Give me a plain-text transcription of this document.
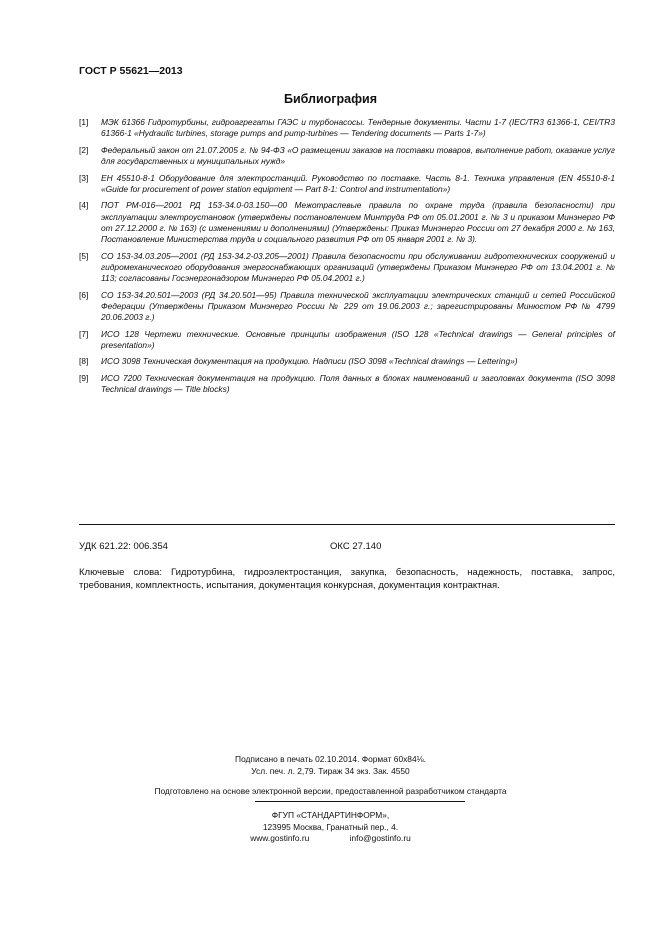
ГОСТ Р 55621—2013
Библиография
[1]	МЭК 61366 Гидротурбины, гидроагрегаты ГАЭС и турбонасосы. Тендерные документы. Части 1-7 (IEC/TR3 61366-1, CEI/TR3 61366-1 «Hydraulic turbines, storage pumps and pump-turbines — Tendering documents — Parts 1-7»)
[2]	Федеральный закон от 21.07.2005 г. № 94-ФЗ «О размещении заказов на поставки товаров, выполнение работ, оказание услуг для государственных и муниципальных нужд»
[3]	ЕН 45510-8-1 Оборудование для электростанций. Руководство по поставке. Часть 8-1. Техника управления (EN 45510-8-1 «Guide for procurement of power station equipment — Part 8-1: Control and instrumentation»)
[4]	ПОТ РМ-016—2001 РД 153-34.0-03.150—00 Межотраслевые правила по охране труда (правила безопасности) при эксплуатации электроустановок (утверждены постановлением Минтруда РФ от 05.01.2001 г. № 3 и приказом Минэнерго РФ от 27.12.2000 г. № 163) (с изменениями и дополнениями) (Утверждены: Приказ Минэнерго России от 27 декабря 2000 г. № 163, Постановление Министерства труда и социального развития РФ от 05 января 2001 г. № 3).
[5]	СО 153-34.03.205—2001 (РД 153-34.2-03.205—2001) Правила безопасности при обслуживании гидротехнических сооружений и гидромеханического оборудования энергоснабжающих организаций (утверждены Приказом Минэнерго РФ от 13.04.2001 г. № 113; согласованы Госэнергонадзором Минэнерго РФ 05.04.2001 г.)
[6]	СО 153-34.20.501—2003 (РД 34.20.501—95) Правила технической эксплуатации электрических станций и сетей Российской Федерации (Утверждены Приказом Минэнерго России № 229 от 19.06.2003 г.; зарегистрированы Минюстом РФ № 4799 20.06.2003 г.)
[7]	ИСО 128 Чертежи технические. Основные принципы изображения (ISO 128 «Technical drawings — General principles of presentation»)
[8]	ИСО 3098 Техническая документация на продукцию. Надписи (ISO 3098 «Technical drawings — Lettering»)
[9]	ИСО 7200 Техническая документация на продукцию. Поля данных в блоках наименований и заголовках документа (ISO 3098 Technical drawings — Title blocks)
УДК 621.22: 006.354	ОКС 27.140
Ключевые слова: Гидротурбина, гидроэлектростанция, закупка, безопасность, надежность, поставка, запрос, требования, комплектность, испытания, документация конкурсная, документация контрактная.
Подписано в печать 02.10.2014. Формат 60x84⅛.
Усл. печ. л. 2,79. Тираж 34 экз. Зак. 4550
Подготовлено на основе электронной версии, предоставленной разработчиком стандарта
ФГУП «СТАНДАРТИНФОРМ»,
123995 Москва, Гранатный пер., 4.
www.gostinfo.ru	info@gostinfo.ru
